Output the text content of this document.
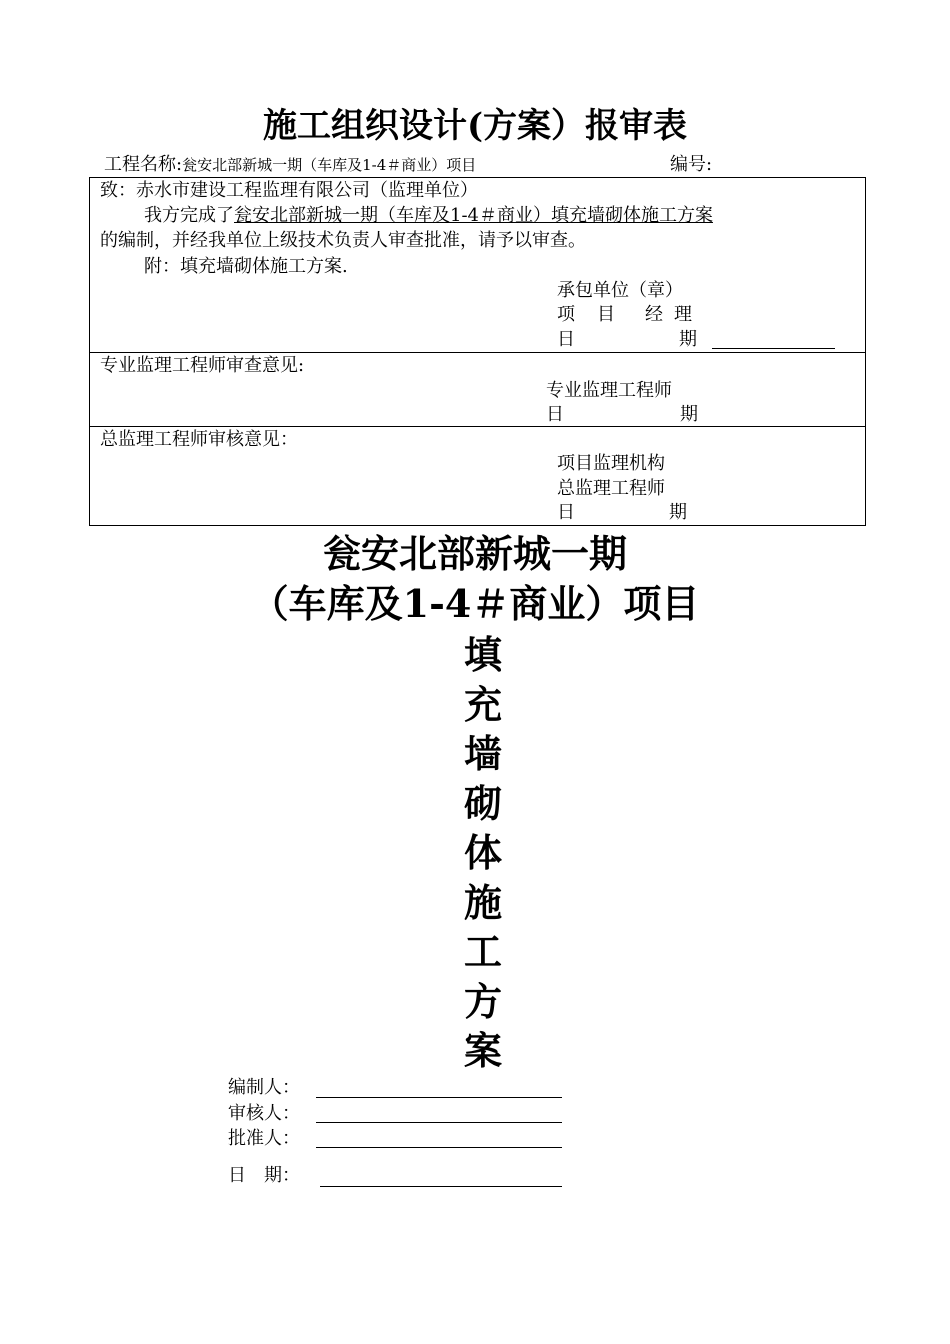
施工组织设计(方案）报审表
工程名称:瓮安北部新城一期（车库及1-4＃商业）项目	编号:
致：赤水市建设工程监理有限公司（监理单位）
我方完成了瓮安北部新城一期（车库及1-4＃商业）填充墙砌体施工方案
的编制，并经我单位上级技术负责人审查批准，请予以审查。
附：填充墙砌体施工方案.
承包单位（章）
项 目 经 理
日	期
专业监理工程师审查意见:
专业监理工程师
日	期
总监理工程师审核意见：
项目监理机构
总监理工程师
日	期
瓮安北部新城一期
（车库及1-4＃商业）项目
填
充
墙
砌
体
施
工
方
案
编制人：
审核人：
批准人：
日　期：
